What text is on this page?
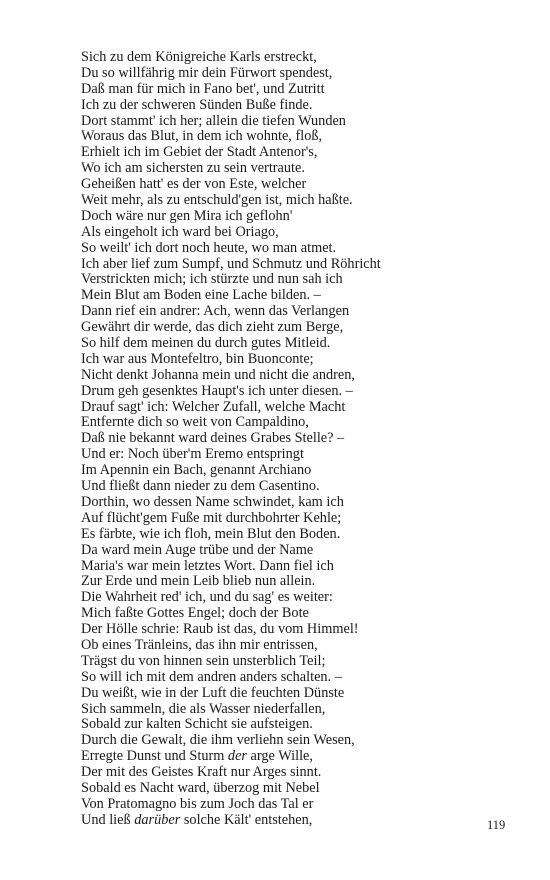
Sich zu dem Königreiche Karls erstreckt,
Du so willfährig mir dein Fürwort spendest,
Daß man für mich in Fano bet', und Zutritt
Ich zu der schweren Sünden Buße finde.
Dort stammt' ich her; allein die tiefen Wunden
Woraus das Blut, in dem ich wohnte, floß,
Erhielt ich im Gebiet der Stadt Antenor's,
Wo ich am sichersten zu sein vertraute.
Geheißen hatt' es der von Este, welcher
Weit mehr, als zu entschuld'gen ist, mich haßte.
Doch wäre nur gen Mira ich geflohn'
Als eingeholt ich ward bei Oriago,
So weilt' ich dort noch heute, wo man atmet.
Ich aber lief zum Sumpf, und Schmutz und Röhricht
Verstrickten mich; ich stürzte und nun sah ich
Mein Blut am Boden eine Lache bilden. –
Dann rief ein andrer: Ach, wenn das Verlangen
Gewährt dir werde, das dich zieht zum Berge,
So hilf dem meinen du durch gutes Mitleid.
Ich war aus Montefeltro, bin Buonconte;
Nicht denkt Johanna mein und nicht die andren,
Drum geh gesenktes Haupt's ich unter diesen. –
Drauf sagt' ich: Welcher Zufall, welche Macht
Entfernte dich so weit von Campaldino,
Daß nie bekannt ward deines Grabes Stelle? –
Und er: Noch über'm Eremo entspringt
Im Apennin ein Bach, genannt Archiano
Und fließt dann nieder zu dem Casentino.
Dorthin, wo dessen Name schwindet, kam ich
Auf flücht'gem Fuße mit durchbohrter Kehle;
Es färbte, wie ich floh, mein Blut den Boden.
Da ward mein Auge trübe und der Name
Maria's war mein letztes Wort. Dann fiel ich
Zur Erde und mein Leib blieb nun allein.
Die Wahrheit red' ich, und du sag' es weiter:
Mich faßte Gottes Engel; doch der Bote
Der Hölle schrie: Raub ist das, du vom Himmel!
Ob eines Tränleins, das ihn mir entrissen,
Trägst du von hinnen sein unsterblich Teil;
So will ich mit dem andren anders schalten. –
Du weißt, wie in der Luft die feuchten Dünste
Sich sammeln, die als Wasser niederfallen,
Sobald zur kalten Schicht sie aufsteigen.
Durch die Gewalt, die ihm verliehn sein Wesen,
Erregte Dunst und Sturm der arge Wille,
Der mit des Geistes Kraft nur Arges sinnt.
Sobald es Nacht ward, überzog mit Nebel
Von Pratomagno bis zum Joch das Tal er
Und ließ darüber solche Kält' entstehen,	119
